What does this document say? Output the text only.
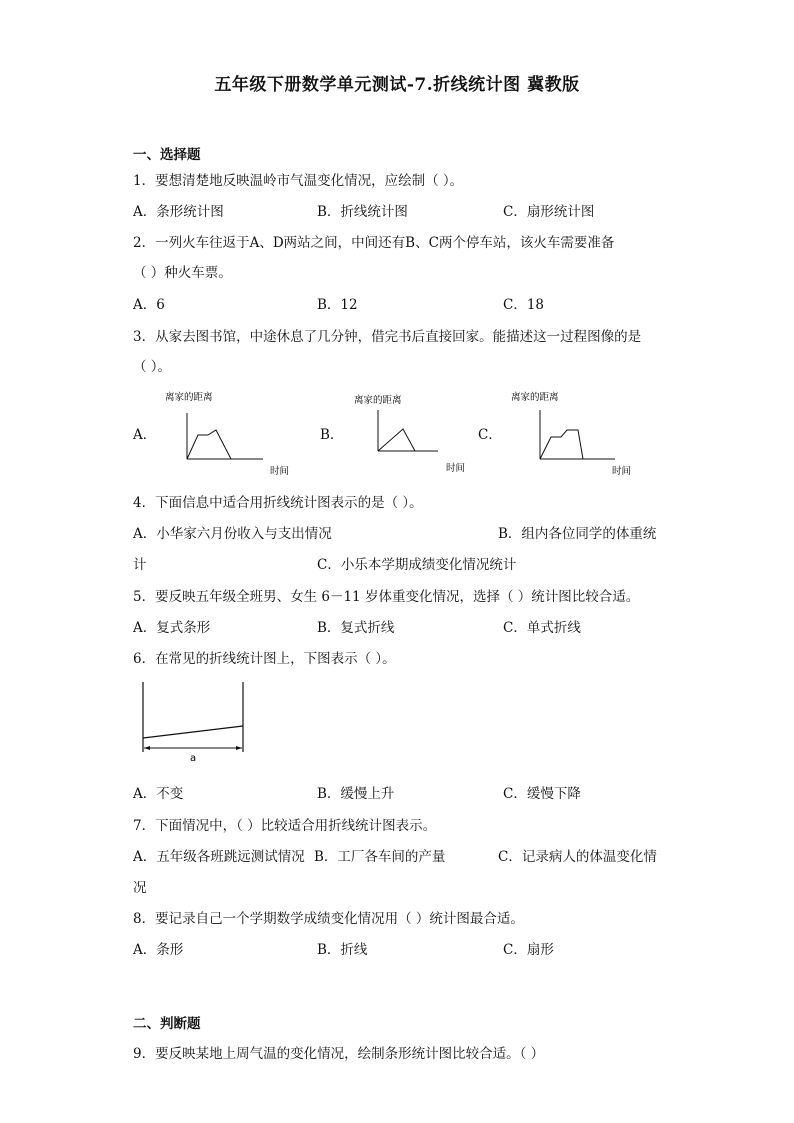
五年级下册数学单元测试-7.折线统计图 冀教版
一、选择题
1．要想清楚地反映温岭市气温变化情况，应绘制（ ）。
A．条形统计图	B．折线统计图	C．扇形统计图
2．一列火车往返于A、D两站之间，中间还有B、C两个停车站，该火车需要准备
（ ）种火车票。
A．6	B．12	C．18
3．从家去图书馆，中途休息了几分钟，借完书后直接回家。能描述这一过程图像的是
（ ）。
A．	B．	C．
离家的距离
时间
离家的距离
时间
离家的距离
时间
4．下面信息中适合用折线统计图表示的是（ ）。
A．小华家六月份收入与支出情况	B．组内各位同学的体重统
计	C．小乐本学期成绩变化情况统计
5．要反映五年级全班男、女生 6－11 岁体重变化情况，选择（ ）统计图比较合适。
A．复式条形	B．复式折线	C．单式折线
6．在常见的折线统计图上，下图表示（ ）。
a
A．不变	B．缓慢上升	C．缓慢下降
7．下面情况中，（ ）比较适合用折线统计图表示。
A．五年级各班跳远测试情况 B．工厂各车间的产量	C．记录病人的体温变化情
况
8．要记录自己一个学期数学成绩变化情况用（ ）统计图最合适。
A．条形	B．折线	C．扇形
二、判断题
9．要反映某地上周气温的变化情况，绘制条形统计图比较合适。（ ）
